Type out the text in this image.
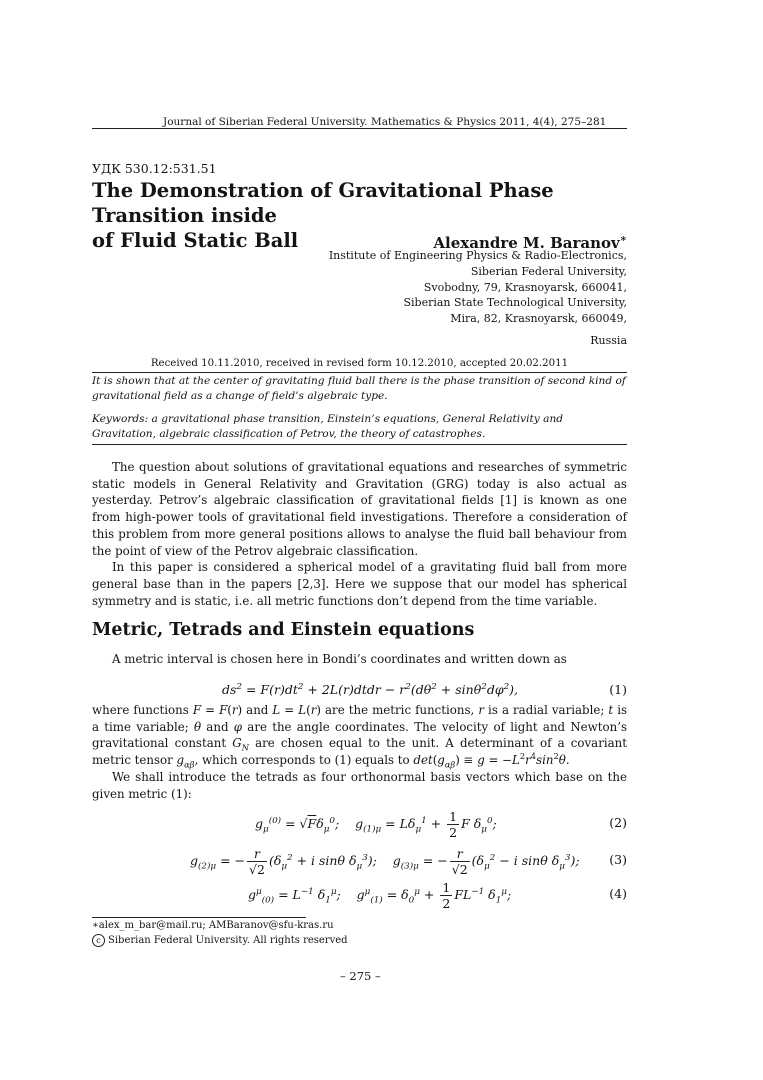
Journal of Siberian Federal University. Mathematics & Physics 2011, 4(4), 275–281
УДК 530.12:531.51
The Demonstration of Gravitational Phase Transition inside
of Fluid Static Ball	Alexandre M. Baranov∗
Institute of Engineering Physics & Radio-Electronics,
Siberian Federal University,
Svobodny, 79, Krasnoyarsk, 660041,
Siberian State Technological University,
Mira, 82, Krasnoyarsk, 660049,
Russia
Received 10.11.2010, received in revised form 10.12.2010, accepted 20.02.2011
It is shown that at the center of gravitating fluid ball there is the phase transition of second kind of gravitational field as a change of field’s algebraic type.
Keywords: a gravitational phase transition, Einstein’s equations, General Relativity and Gravitation, algebraic classification of Petrov, the theory of catastrophes.

The question about solutions of gravitational equations and researches of symmetric static models in General Relativity and Gravitation (GRG) today is also actual as yesterday. Petrov’s algebraic classification of gravitational fields [1] is known as one from high-power tools of gravitational field investigations. Therefore a consideration of this problem from more general positions allows to analyse the fluid ball behaviour from the point of view of the Petrov algebraic classification.

In this paper is considered a spherical model of a gravitating fluid ball from more general base than in the papers [2,3]. Here we suppose that our model has spherical symmetry and is static, i.e. all metric functions don’t depend from the time variable.

Metric, Tetrads and Einstein equations
A metric interval is chosen here in Bondi’s coordinates and written down as
$ds^2 = F(r)dt^2$ + 2L(r)dtdr − $r^2(d\theta^2 + \sin\theta^2d\varphi^2)$,	(1)
where functions F = F(r) and L = L(r) are the metric functions, r is a radial variable; t is a time variable; θ and φ are the angle coordinates. The velocity of light and Newton’s gravitational constant $G_N$ are chosen equal to the unit. A determinant of a covariant metric tensor $g_{\alpha\beta}$, which corresponds to (1) equals to $\det(g_{\alpha\beta}) \equiv g = -L^2r^4\sin^2\theta$.
We shall introduce the tetrads as four orthonormal basis vectors which base on the given metric (1):
$g_\mu^{(0)} = √F\delta_\mu^0$;    $g_{(1)\mu} = L\delta_\mu^1 + \frac{1}{2}$ F $\delta_\mu^0$;	(2)
$g_{(2)\mu}$ = − $\frac{r}{√2} (\delta_\mu^2 + i$ sinθ $\delta_\mu^3$);    $g_{(3)\mu}$ = − $\frac{r}{√2} (\delta_\mu^2 - i$ sinθ $\delta_\mu^3$); (3)
$g^\mu_{(0)} = L^{-1}$ $\delta_1^\mu$;    $g^\mu_{(1)} = \delta_0^\mu + \frac{1}{2} FL^{-1}$ $\delta_1^\mu$;	(4)
∗alex_m_bar@mail.ru; AMBaranov@sfu-kras.ru
c Siberian Federal University. All rights reserved
– 275 –
